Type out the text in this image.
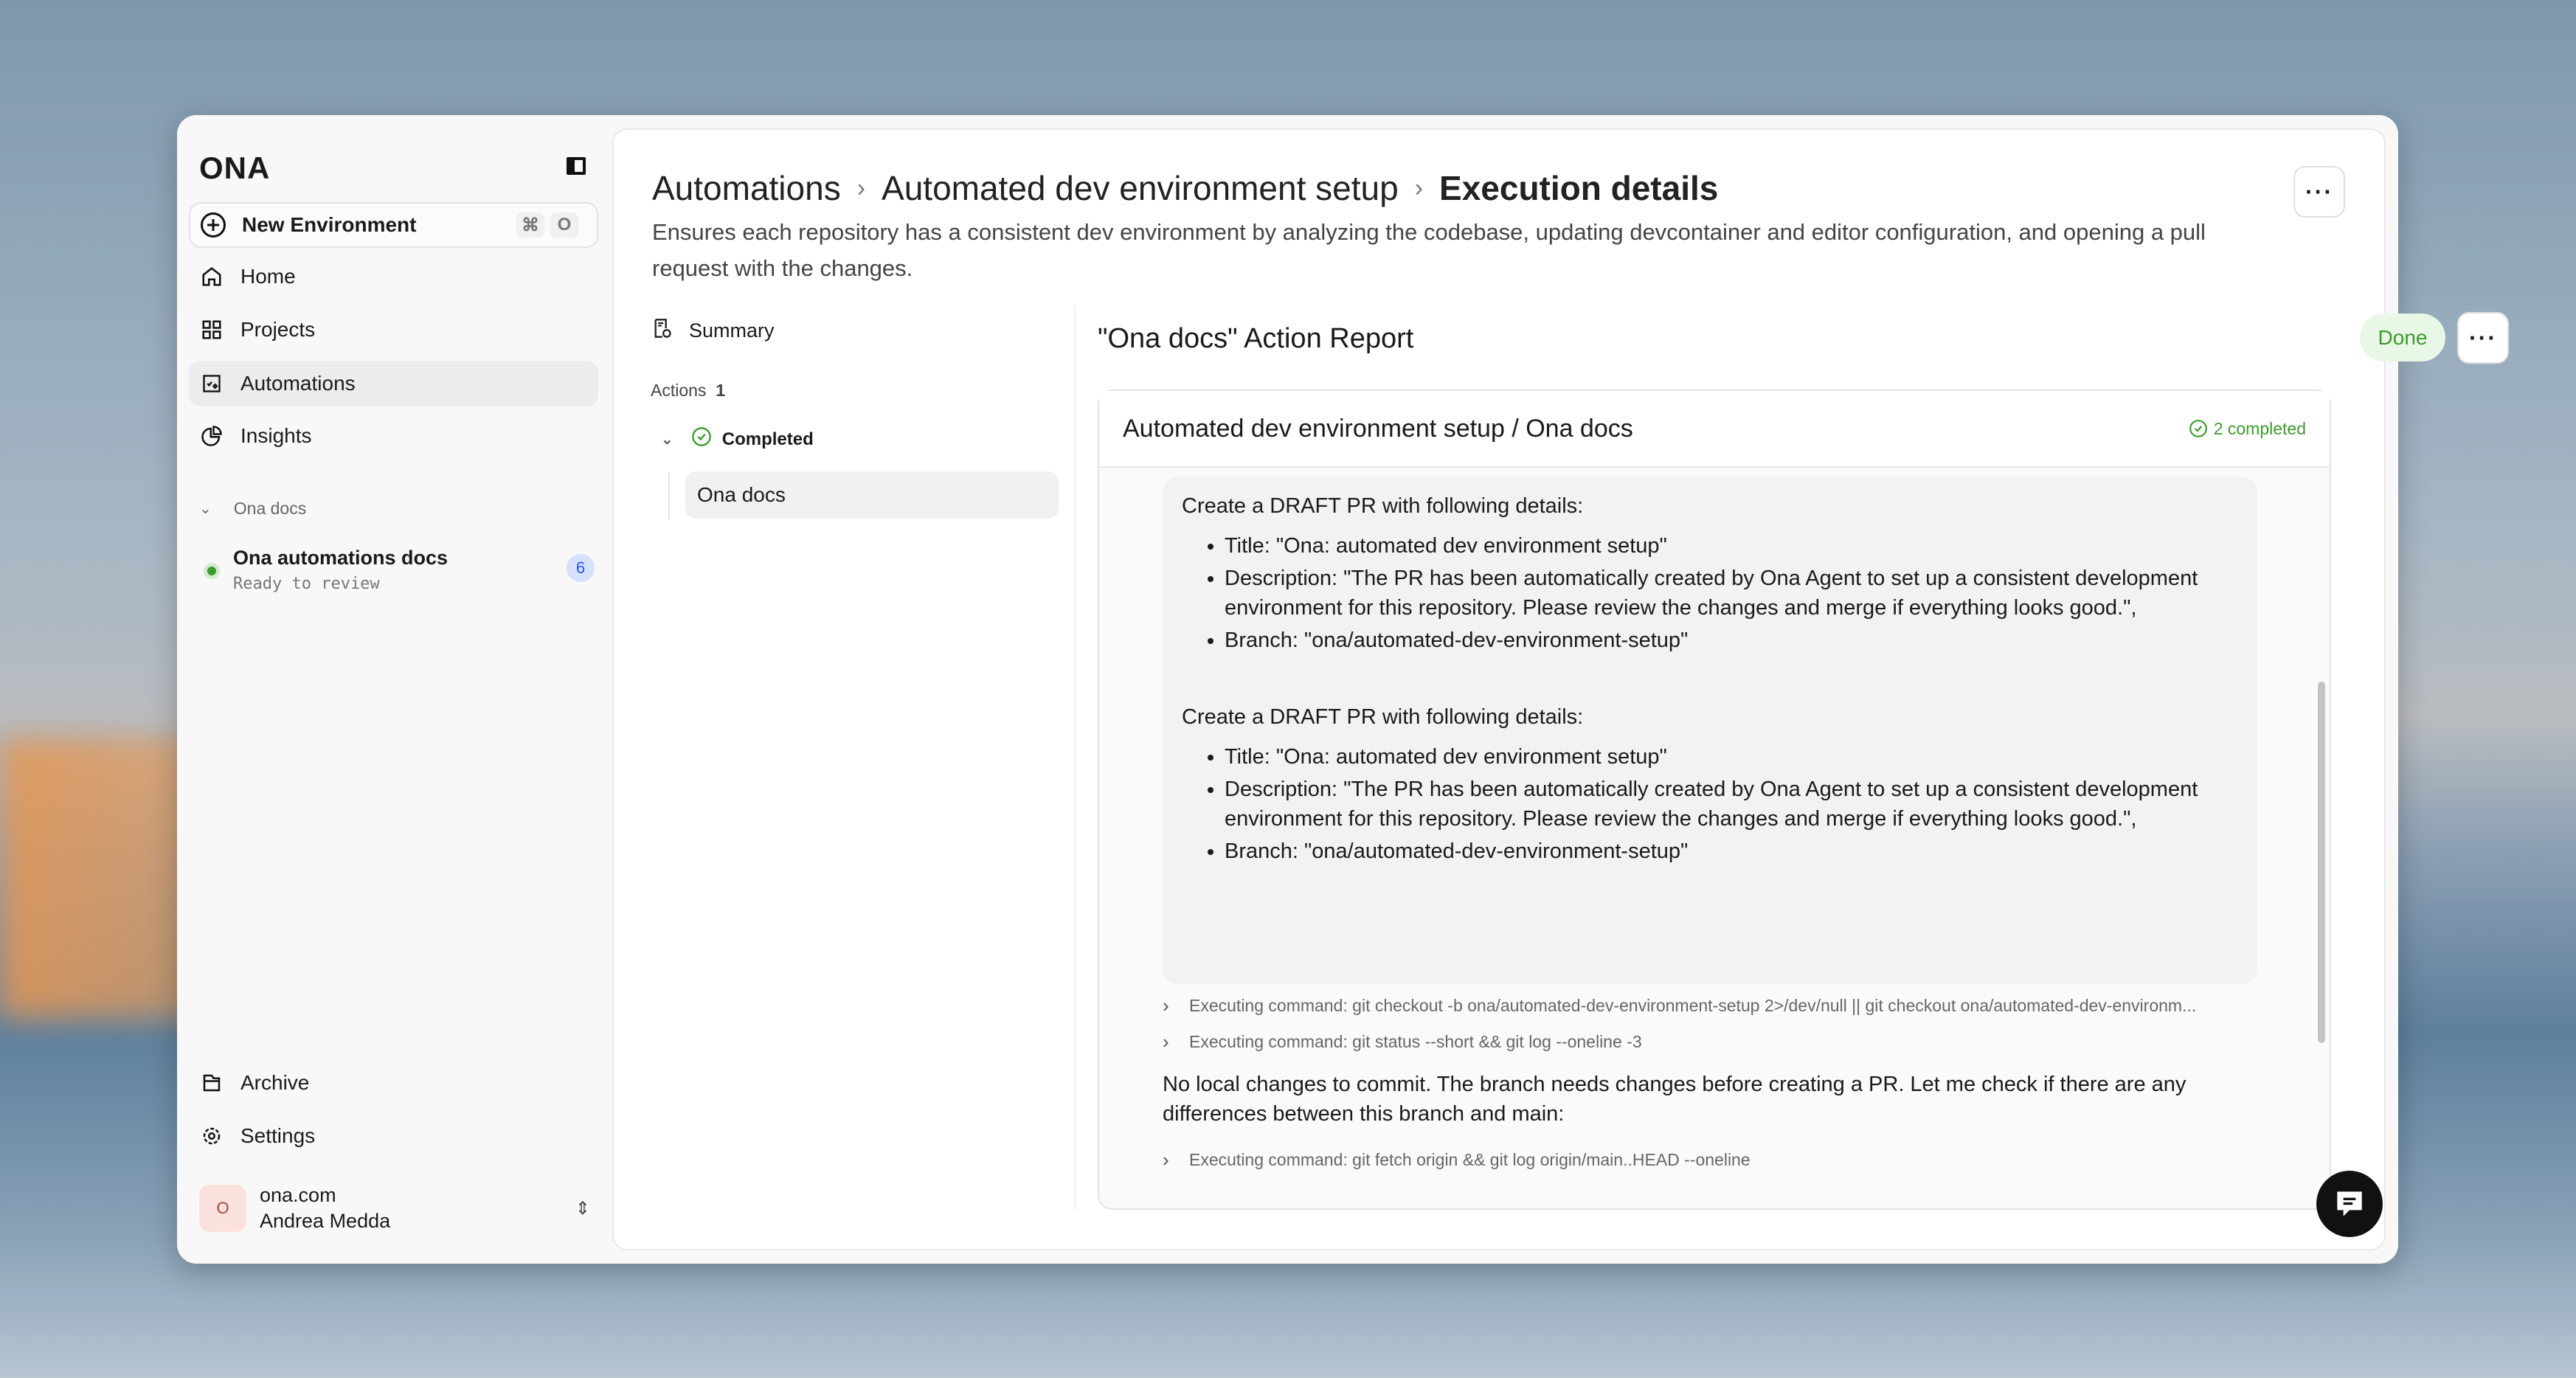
ONA
New Environment	⌘	O
Home
Projects
Automations
Insights
⌄ Ona docs
Ona automations docs
Ready to review
6
Archive
Settings
O
ona.com
Andrea Medda
⇕
Automations › Automated dev environment setup › Execution details
Ensures each repository has a consistent dev environment by analyzing the codebase, updating devcontainer and editor configuration, and opening a pull request with the changes.
···
Summary
Actions 1
⌄	Completed
Ona docs
"Ona docs" Action Report	Done	···
Automated dev environment setup / Ona docs	2 completed
Create a DRAFT PR with following details:
• Title: "Ona: automated dev environment setup"
• Description: "The PR has been automatically created by Ona Agent to set up a consistent development environment for this repository. Please review the changes and merge if everything looks good.",
• Branch: "ona/automated-dev-environment-setup"
Create a DRAFT PR with following details:
• Title: "Ona: automated dev environment setup"
• Description: "The PR has been automatically created by Ona Agent to set up a consistent development environment for this repository. Please review the changes and merge if everything looks good.",
• Branch: "ona/automated-dev-environment-setup"
›	Executing command: git checkout -b ona/automated-dev-environment-setup 2>/dev/null || git checkout ona/automated-dev-environm...
›	Executing command: git status --short && git log --oneline -3
No local changes to commit. The branch needs changes before creating a PR. Let me check if there are any differences between this branch and main:
›	Executing command: git fetch origin && git log origin/main..HEAD --oneline
